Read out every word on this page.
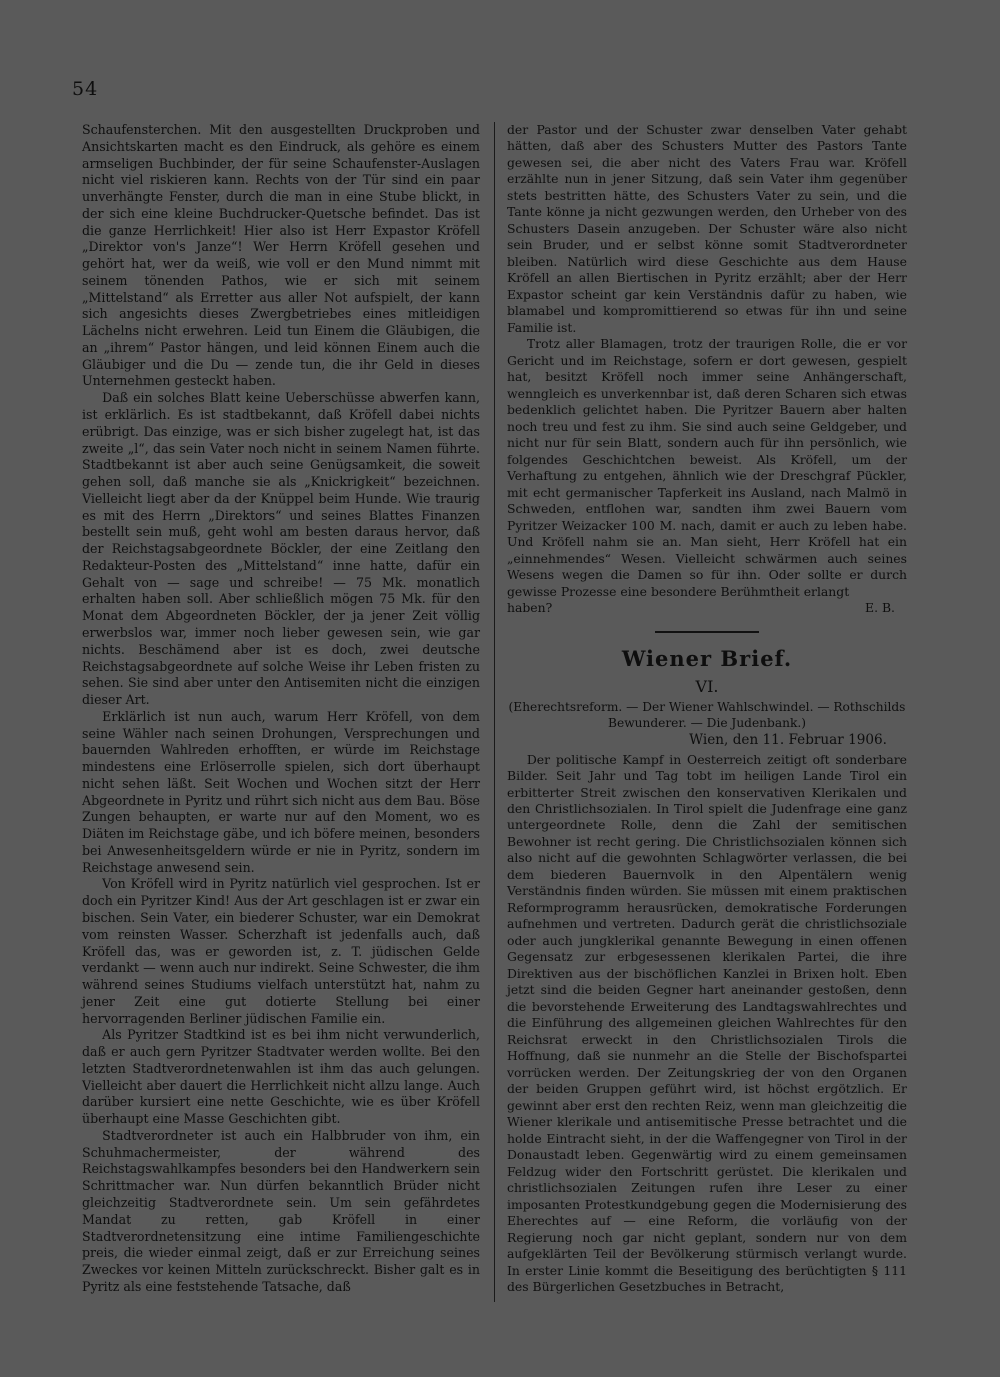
54

Schaufensterchen. Mit den ausgestellten Druckproben und Ansichtskarten macht es den Eindruck, als gehöre es einem armseligen Buchbinder, der für seine Schaufenster-Auslagen nicht viel riskieren kann. Rechts von der Tür sind ein paar unverhängte Fenster, durch die man in eine Stube blickt, in der sich eine kleine Buchdrucker-Quetsche befindet. Das ist die ganze Herrlichkeit! Hier also ist Herr Expastor Kröfell „Direktor von's Janze“! Wer Herrn Kröfell gesehen und gehört hat, wer da weiß, wie voll er den Mund nimmt mit seinem tönenden Pathos, wie er sich mit seinem „Mittelstand“ als Erretter aus aller Not aufspielt, der kann sich angesichts dieses Zwergbetriebes eines mitleidigen Lächelns nicht erwehren. Leid tun Einem die Gläubigen, die an „ihrem“ Pastor hängen, und leid können Einem auch die Gläubiger und die Du — zende tun, die ihr Geld in dieses Unternehmen gesteckt haben.

Daß ein solches Blatt keine Ueberschüsse abwerfen kann, ist erklärlich. Es ist stadtbekannt, daß Kröfell dabei nichts erübrigt. Das einzige, was er sich bisher zugelegt hat, ist das zweite „l“, das sein Vater noch nicht in seinem Namen führte. Stadtbekannt ist aber auch seine Genügsamkeit, die soweit gehen soll, daß manche sie als „Knickrigkeit“ bezeichnen. Vielleicht liegt aber da der Knüppel beim Hunde. Wie traurig es mit des Herrn „Direktors“ und seines Blattes Finanzen bestellt sein muß, geht wohl am besten daraus hervor, daß der Reichstagsabgeordnete Böckler, der eine Zeitlang den Redakteur-Posten des „Mittelstand“ inne hatte, dafür ein Gehalt von — sage und schreibe! — 75 Mk. monatlich erhalten haben soll. Aber schließlich mögen 75 Mk. für den Monat dem Abgeordneten Böckler, der ja jener Zeit völlig erwerbslos war, immer noch lieber gewesen sein, wie gar nichts. Beschämend aber ist es doch, zwei deutsche Reichstagsabgeordnete auf solche Weise ihr Leben fristen zu sehen. Sie sind aber unter den Antisemiten nicht die einzigen dieser Art.

Erklärlich ist nun auch, warum Herr Kröfell, von dem seine Wähler nach seinen Drohungen, Versprechungen und bauernden Wahlreden erhofften, er würde im Reichstage mindestens eine Erlöserrolle spielen, sich dort überhaupt nicht sehen läßt. Seit Wochen und Wochen sitzt der Herr Abgeordnete in Pyritz und rührt sich nicht aus dem Bau. Böse Zungen behaupten, er warte nur auf den Moment, wo es Diäten im Reichstage gäbe, und ich böfere meinen, besonders bei Anwesenheitsgeldern würde er nie in Pyritz, sondern im Reichstage anwesend sein.

Von Kröfell wird in Pyritz natürlich viel gesprochen. Ist er doch ein Pyritzer Kind! Aus der Art geschlagen ist er zwar ein bischen. Sein Vater, ein biederer Schuster, war ein Demokrat vom reinsten Wasser. Scherzhaft ist jedenfalls auch, daß Kröfell das, was er geworden ist, z. T. jüdischen Gelde verdankt — wenn auch nur indirekt. Seine Schwester, die ihm während seines Studiums vielfach unterstützt hat, nahm zu jener Zeit eine gut dotierte Stellung bei einer hervorragenden Berliner jüdischen Familie ein.

Als Pyritzer Stadtkind ist es bei ihm nicht verwunderlich, daß er auch gern Pyritzer Stadtvater werden wollte. Bei den letzten Stadtverordnetenwahlen ist ihm das auch gelungen. Vielleicht aber dauert die Herrlichkeit nicht allzu lange. Auch darüber kursiert eine nette Geschichte, wie es über Kröfell überhaupt eine Masse Geschichten gibt.

Stadtverordneter ist auch ein Halbbruder von ihm, ein Schuhmachermeister, der während des Reichstagswahlkampfes besonders bei den Handwerkern sein Schrittmacher war. Nun dürfen bekanntlich Brüder nicht gleichzeitig Stadtverordnete sein. Um sein gefährdetes Mandat zu retten, gab Kröfell in einer Stadtverordnetensitzung eine intime Familiengeschichte preis, die wieder einmal zeigt, daß er zur Erreichung seines Zweckes vor keinen Mitteln zurückschreckt. Bisher galt es in Pyritz als eine feststehende Tatsache, daß

der Pastor und der Schuster zwar denselben Vater gehabt hätten, daß aber des Schusters Mutter des Pastors Tante gewesen sei, die aber nicht des Vaters Frau war. Kröfell erzählte nun in jener Sitzung, daß sein Vater ihm gegenüber stets bestritten hätte, des Schusters Vater zu sein, und die Tante könne ja nicht gezwungen werden, den Urheber von des Schusters Dasein anzugeben. Der Schuster wäre also nicht sein Bruder, und er selbst könne somit Stadtverordneter bleiben. Natürlich wird diese Geschichte aus dem Hause Kröfell an allen Biertischen in Pyritz erzählt; aber der Herr Expastor scheint gar kein Verständnis dafür zu haben, wie blamabel und kompromittierend so etwas für ihn und seine Familie ist.

Trotz aller Blamagen, trotz der traurigen Rolle, die er vor Gericht und im Reichstage, sofern er dort gewesen, gespielt hat, besitzt Kröfell noch immer seine Anhängerschaft, wenngleich es unverkennbar ist, daß deren Scharen sich etwas bedenklich gelichtet haben. Die Pyritzer Bauern aber halten noch treu und fest zu ihm. Sie sind auch seine Geldgeber, und nicht nur für sein Blatt, sondern auch für ihn persönlich, wie folgendes Geschichtchen beweist. Als Kröfell, um der Verhaftung zu entgehen, ähnlich wie der Dreschgraf Pückler, mit echt germanischer Tapferkeit ins Ausland, nach Malmö in Schweden, entflohen war, sandten ihm zwei Bauern vom Pyritzer Weizacker 100 M. nach, damit er auch zu leben habe. Und Kröfell nahm sie an. Man sieht, Herr Kröfell hat ein „einnehmendes“ Wesen. Vielleicht schwärmen auch seines Wesens wegen die Damen so für ihn. Oder sollte er durch gewisse Prozesse eine besondere Berühmtheit erlangt

haben?	E. B.

Wiener Brief.
VI.
(Eherechtsreform. — Der Wiener Wahlschwindel. — Rothschilds Bewunderer. — Die Judenbank.)
Wien, den 11. Februar 1906.

Der politische Kampf in Oesterreich zeitigt oft sonderbare Bilder. Seit Jahr und Tag tobt im heiligen Lande Tirol ein erbitterter Streit zwischen den konservativen Klerikalen und den Christlichsozialen. In Tirol spielt die Judenfrage eine ganz untergeordnete Rolle, denn die Zahl der semitischen Bewohner ist recht gering. Die Christlichsozialen können sich also nicht auf die gewohnten Schlagwörter verlassen, die bei dem biederen Bauernvolk in den Alpentälern wenig Verständnis finden würden. Sie müssen mit einem praktischen Reformprogramm herausrücken, demokratische Forderungen aufnehmen und vertreten. Dadurch gerät die christlichsoziale oder auch jungklerikal genannte Bewegung in einen offenen Gegensatz zur erbgesessenen klerikalen Partei, die ihre Direktiven aus der bischöflichen Kanzlei in Brixen holt. Eben jetzt sind die beiden Gegner hart aneinander gestoßen, denn die bevorstehende Erweiterung des Landtagswahlrechtes und die Einführung des allgemeinen gleichen Wahlrechtes für den Reichsrat erweckt in den Christlichsozialen Tirols die Hoffnung, daß sie nunmehr an die Stelle der Bischofspartei vorrücken werden. Der Zeitungskrieg der von den Organen der beiden Gruppen geführt wird, ist höchst ergötzlich. Er gewinnt aber erst den rechten Reiz, wenn man gleichzeitig die Wiener klerikale und antisemitische Presse betrachtet und die holde Eintracht sieht, in der die Waffengegner von Tirol in der Donaustadt leben. Gegenwärtig wird zu einem gemeinsamen Feldzug wider den Fortschritt gerüstet. Die klerikalen und christlichsozialen Zeitungen rufen ihre Leser zu einer imposanten Protestkundgebung gegen die Modernisierung des Eherechtes auf — eine Reform, die vorläufig von der Regierung noch gar nicht geplant, sondern nur von dem aufgeklärten Teil der Bevölkerung stürmisch verlangt wurde. In erster Linie kommt die Beseitigung des berüchtigten § 111 des Bürgerlichen Gesetzbuches in Betracht,
